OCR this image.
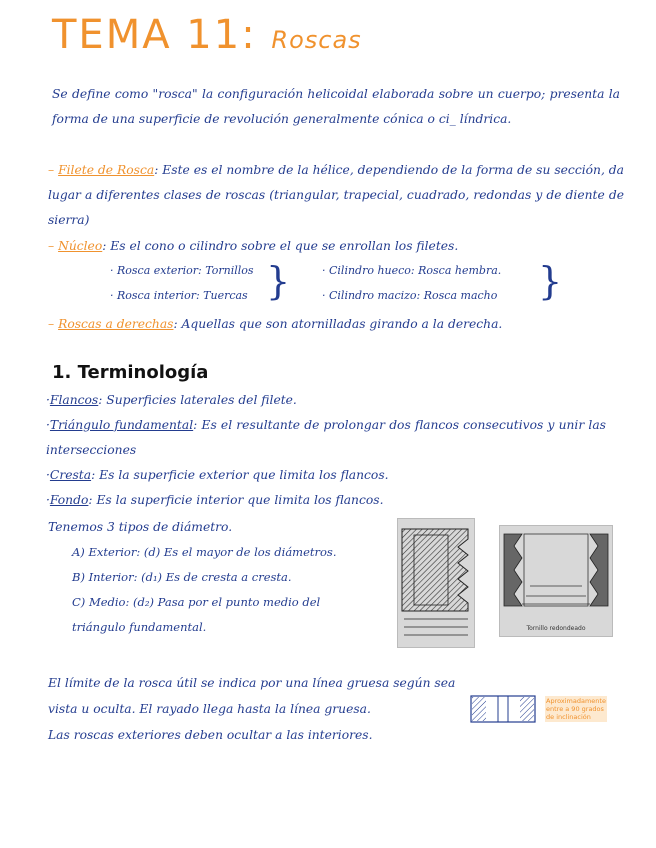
TEMA 11: Roscas
Se define como "rosca" la configuración helicoidal elaborada sobre un cuerpo; presenta la forma de una superficie de revolución generalmente cónica o ci_ líndrica.
– Filete de Rosca: Este es el nombre de la hélice, dependiendo de la forma de su sección, da lugar a diferentes clases de roscas (triangular, trapecial, cuadrado, redondas y de diente de sierra)
– Núcleo: Es el cono o cilindro sobre el que se enrollan los filetes.
· Rosca exterior: Tornillos
· Rosca interior: Tuercas }	· Cilindro hueco: Rosca hembra.
· Cilindro macizo: Rosca macho }
– Roscas a derechas: Aquellas que son atornilladas girando a la derecha.
1. Terminología
·Flancos: Superficies laterales del filete.
·Triángulo fundamental: Es el resultante de prolongar dos flancos consecutivos y unir las intersecciones
·Cresta: Es la superficie exterior que limita los flancos.
·Fondo: Es la superficie interior que limita los flancos.
Tenemos 3 tipos de diámetro.
A) Exterior: (d) Es el mayor de los diámetros.
B) Interior: (d₁) Es de cresta a cresta.
C) Medio: (d₂) Pasa por el punto medio del
triángulo fundamental.	Tornillo redondeado
El límite de la rosca útil se indica por una línea gruesa según sea
vista u oculta. El rayado llega hasta la línea gruesa.
Las roscas exteriores deben ocultar a las interiores.
Aproximadamente entre a 90 grados de inclinación
